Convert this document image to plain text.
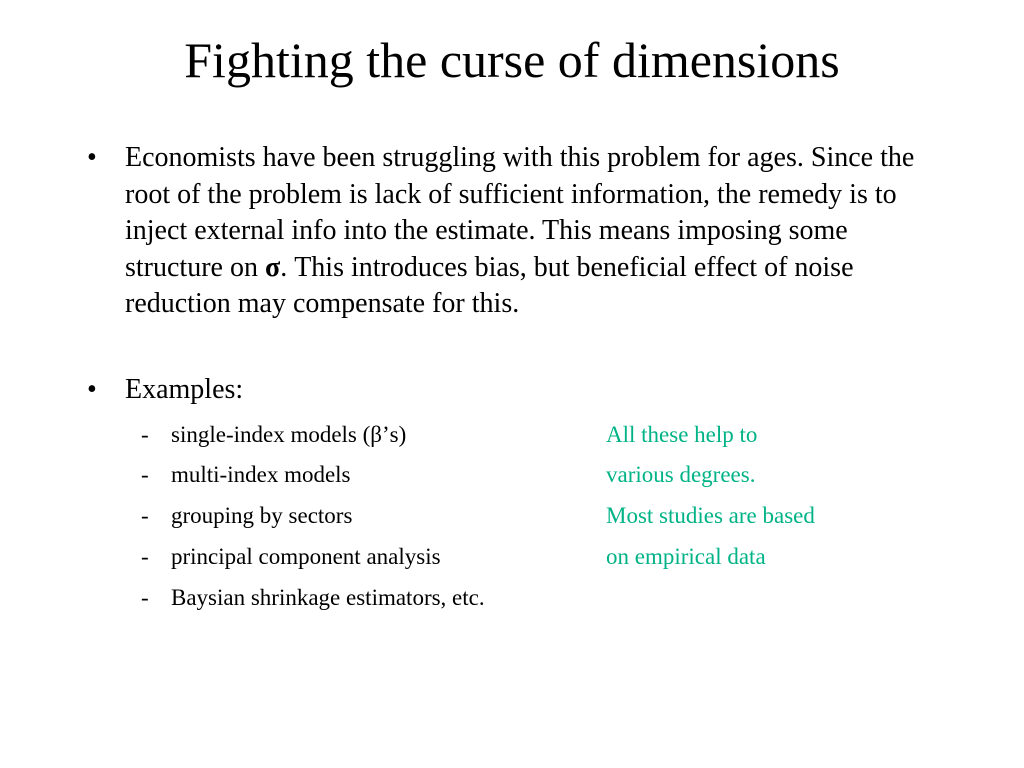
Fighting the curse of dimensions
• Economists have been struggling with this problem for ages. Since the root of the problem is lack of sufficient information, the remedy is to inject external info into the estimate. This means imposing some structure on σ. This introduces bias, but beneficial effect of noise reduction may compensate for this.
• Examples:
- single-index models (β’s)
- multi-index models
- grouping by sectors
- principal component analysis
- Baysian shrinkage estimators, etc.
All these help to
various degrees.
Most studies are based
on empirical data
